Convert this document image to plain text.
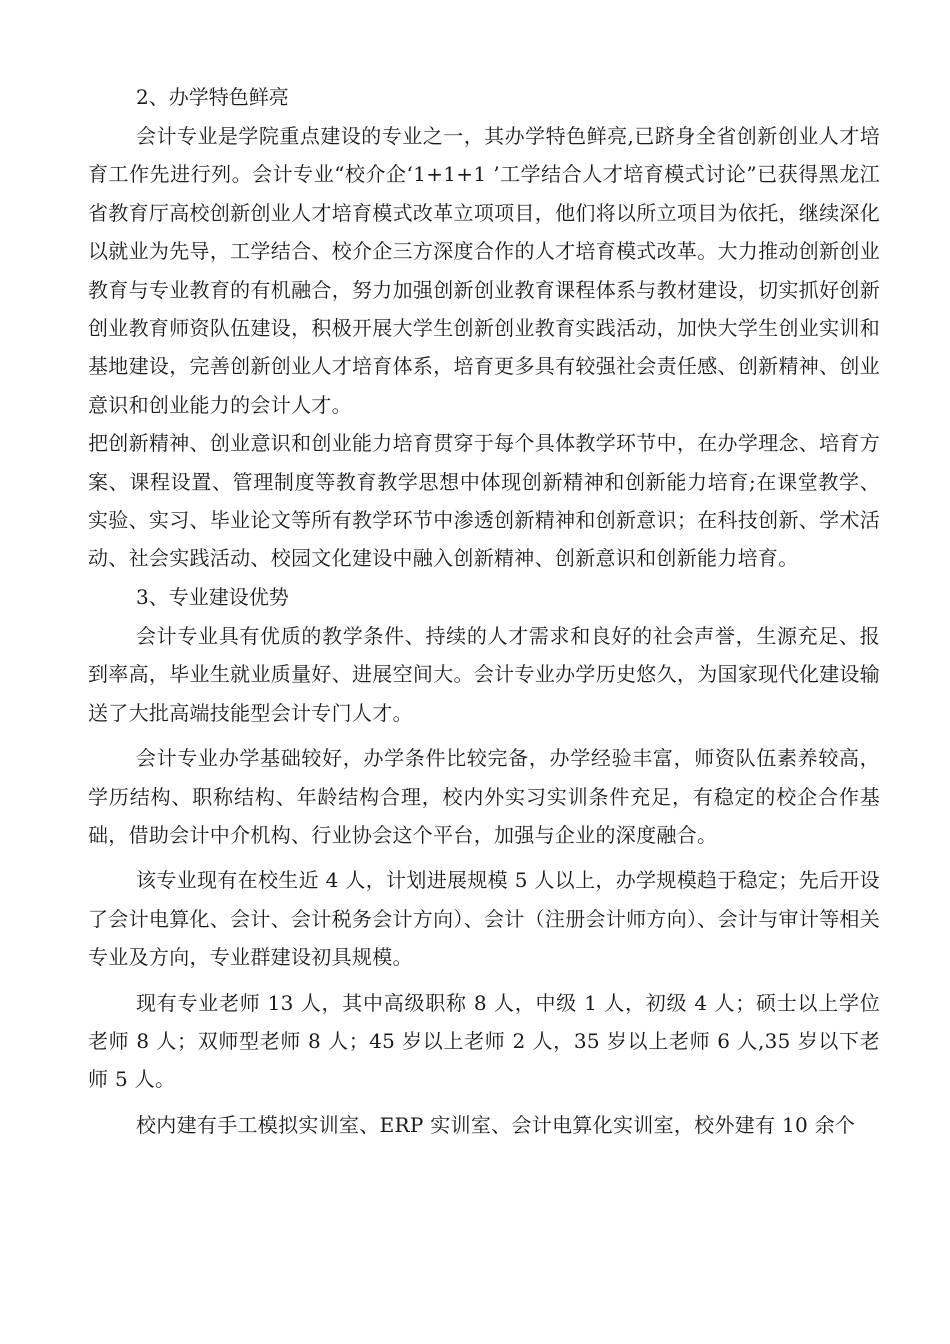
2、办学特色鲜亮

会计专业是学院重点建设的专业之一，其办学特色鲜亮,已跻身全省创新创业人才培育工作先进行列。会计专业“校介企‘1+1+1 ’工学结合人才培育模式讨论”已获得黑龙江省教育厅高校创新创业人才培育模式改革立项项目，他们将以所立项目为依托，继续深化以就业为先导，工学结合、校介企三方深度合作的人才培育模式改革。大力推动创新创业教育与专业教育的有机融合，努力加强创新创业教育课程体系与教材建设，切实抓好创新创业教育师资队伍建设，积极开展大学生创新创业教育实践活动，加快大学生创业实训和基地建设，完善创新创业人才培育体系，培育更多具有较强社会责任感、创新精神、创业意识和创业能力的会计人才。

把创新精神、创业意识和创业能力培育贯穿于每个具体教学环节中，在办学理念、培育方案、课程设置、管理制度等教育教学思想中体现创新精神和创新能力培育;在课堂教学、实验、实习、毕业论文等所有教学环节中渗透创新精神和创新意识；在科技创新、学术活动、社会实践活动、校园文化建设中融入创新精神、创新意识和创新能力培育。

3、专业建设优势

会计专业具有优质的教学条件、持续的人才需求和良好的社会声誉，生源充足、报到率高，毕业生就业质量好、进展空间大。会计专业办学历史悠久，为国家现代化建设输送了大批高端技能型会计专门人才。

会计专业办学基础较好，办学条件比较完备，办学经验丰富，师资队伍素养较高，学历结构、职称结构、年龄结构合理，校内外实习实训条件充足，有稳定的校企合作基础，借助会计中介机构、行业协会这个平台，加强与企业的深度融合。

该专业现有在校生近 4 人，计划进展规模 5 人以上，办学规模趋于稳定；先后开设了会计电算化、会计、会计税务会计方向）、会计（注册会计师方向）、会计与审计等相关专业及方向，专业群建设初具规模。

现有专业老师 13 人，其中高级职称 8 人，中级 1 人，初级 4 人；硕士以上学位老师 8 人；双师型老师 8 人；45 岁以上老师 2 人，35 岁以上老师 6 人,35 岁以下老师 5 人。

校内建有手工模拟实训室、ERP 实训室、会计电算化实训室，校外建有 10 余个
